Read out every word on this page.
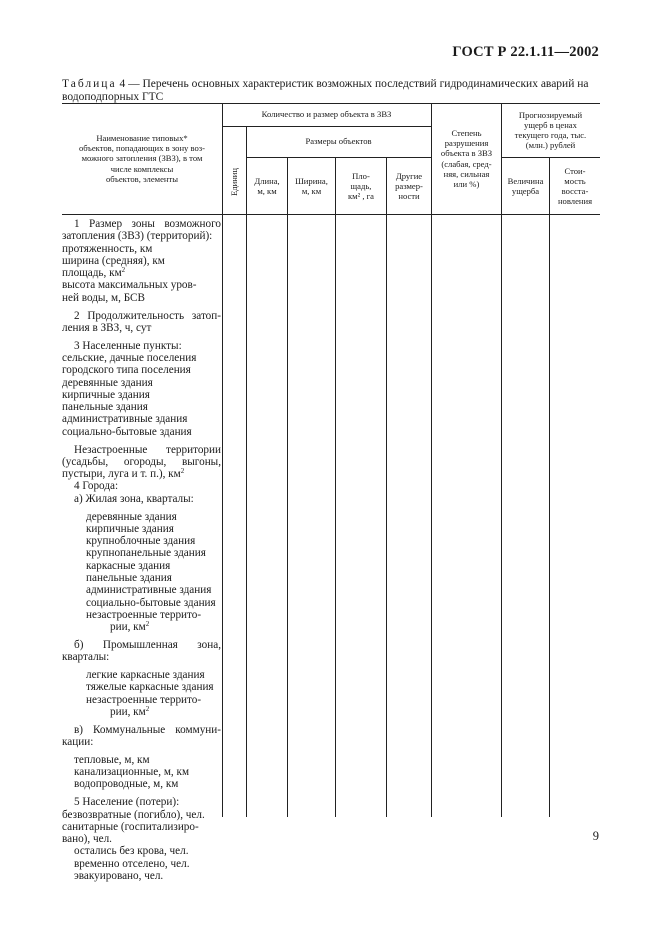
ГОСТ Р 22.1.11—2002
Таблица 4 — Перечень основных характеристик возможных последствий гидродинамических аварий на
водоподпорных ГТС
Наименование типовых*
объектов, попадающих в зону воз-
можного затопления (ЗВЗ), в том
числе комплексы
объектов, элементы
Количество и размер объекта в ЗВЗ
Единиц
Размеры объектов
Длина,
м, км
Ширина,
м, км
Пло-
щадь,
км² , га
Другие
размер-
ности
Степень
разрушения
объекта в ЗВЗ
(слабая, сред-
няя, сильная
или %)
Прогнозируемый
ущерб в ценах
текущего года, тыс.
(млн.) рублей
Величина
ущерба
Стои-
мость
восста-
новления
1 Размер зоны возможного
затопления (ЗВЗ) (территорий):
протяженность, км
ширина (средняя), км
площадь, $км^2$
высота максимальных уров-
ней воды, м, БСВ
2 Продолжительность затоп-
ления в ЗВЗ, ч, сут
3 Населенные пункты:
сельские, дачные поселения
городского типа поселения
деревянные здания
кирпичные здания
панельные здания
административные здания
социально-бытовые здания
Незастроенные территории
(усадьбы, огороды, выгоны,
пустыри, луга и т. п.), $км^2$
4 Города:
а) Жилая зона, кварталы:
деревянные здания
кирпичные здания
крупноблочные здания
крупнопанельные здания
каркасные здания
панельные здания
административные здания
социально-бытовые здания
незастроенные террито-
рии, $км^2$
б) Промышленная зона,
кварталы:
легкие каркасные здания
тяжелые каркасные здания
незастроенные террито-
рии, $км^2$
в) Коммунальные коммуни-
кации:
тепловые, м, км
канализационные, м, км
водопроводные, м, км
5 Население (потери):
безвозвратные (погибло), чел.
санитарные (госпитализиро-
вано), чел.
остались без крова, чел.
временно отселено, чел.
эвакуировано, чел.
9
